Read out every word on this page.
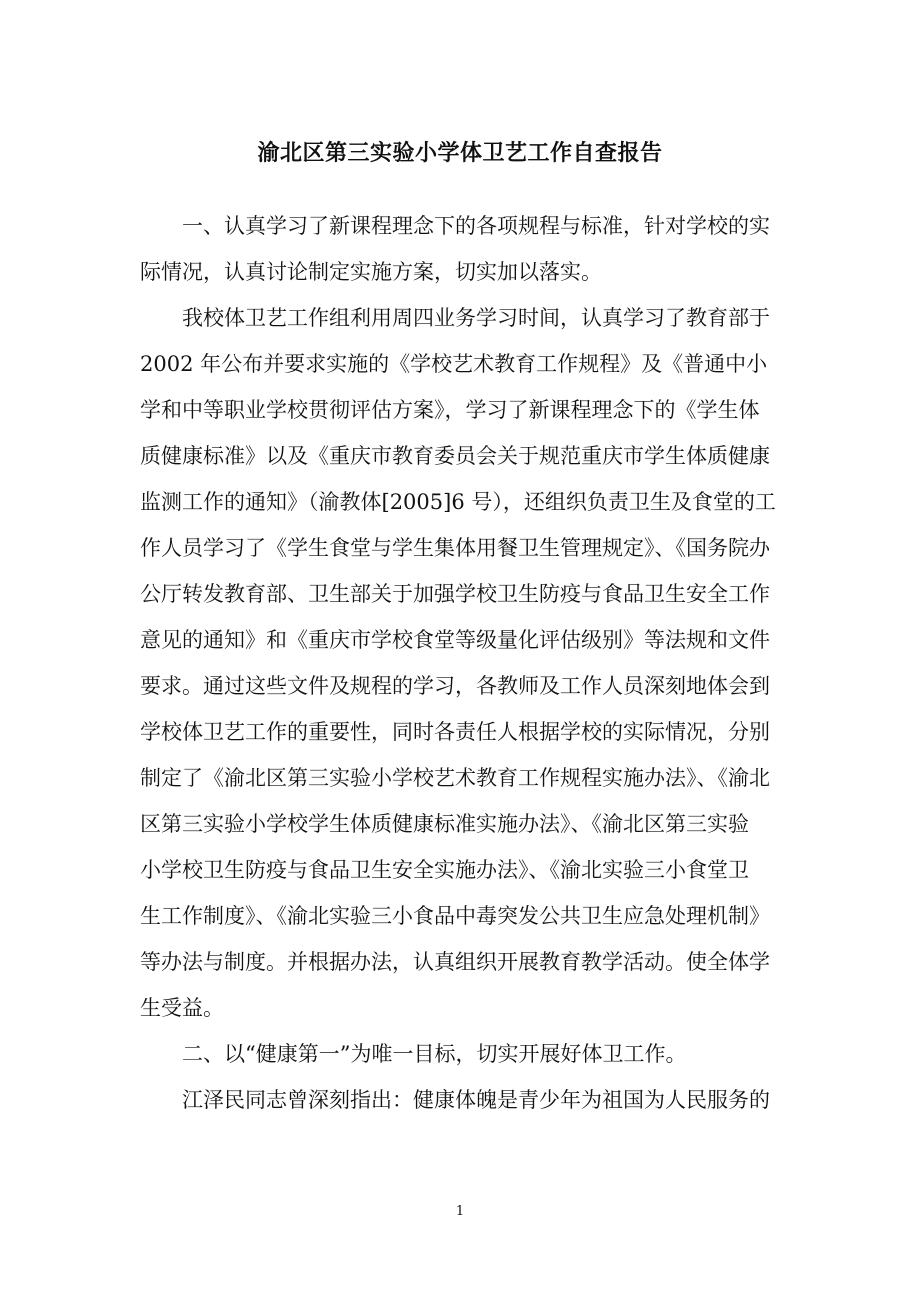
渝北区第三实验小学体卫艺工作自查报告
一、认真学习了新课程理念下的各项规程与标准，针对学校的实
际情况，认真讨论制定实施方案，切实加以落实。
我校体卫艺工作组利用周四业务学习时间，认真学习了教育部于
2002 年公布并要求实施的《学校艺术教育工作规程》及《普通中小
学和中等职业学校贯彻评估方案》，学习了新课程理念下的《学生体
质健康标准》以及《重庆市教育委员会关于规范重庆市学生体质健康
监测工作的通知》（渝教体[2005]6 号），还组织负责卫生及食堂的工
作人员学习了《学生食堂与学生集体用餐卫生管理规定》、《国务院办
公厅转发教育部、卫生部关于加强学校卫生防疫与食品卫生安全工作
意见的通知》和《重庆市学校食堂等级量化评估级别》等法规和文件
要求。通过这些文件及规程的学习，各教师及工作人员深刻地体会到
学校体卫艺工作的重要性，同时各责任人根据学校的实际情况，分别
制定了《渝北区第三实验小学校艺术教育工作规程实施办法》、《渝北
区第三实验小学校学生体质健康标准实施办法》、《渝北区第三实验
小学校卫生防疫与食品卫生安全实施办法》、《渝北实验三小食堂卫
生工作制度》、《渝北实验三小食品中毒突发公共卫生应急处理机制》
等办法与制度。并根据办法，认真组织开展教育教学活动。使全体学
生受益。
二、以“健康第一”为唯一目标，切实开展好体卫工作。
江泽民同志曾深刻指出：健康体魄是青少年为祖国为人民服务的
1
